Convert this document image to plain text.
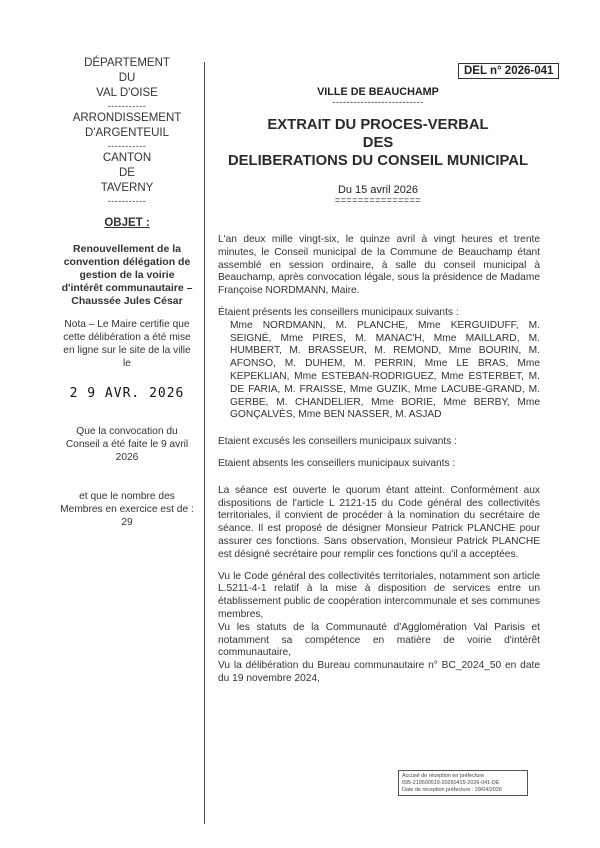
DÉPARTEMENT
DU
VAL D'OISE
-----------
ARRONDISSEMENT
D'ARGENTEUIL
-----------
CANTON
DE
TAVERNY
-----------
OBJET :
Renouvellement de la convention délégation de gestion de la voirie d'intérêt communautaire – Chaussée Jules César
Nota – Le Maire certifie que cette délibération a été mise en ligne sur le site de la ville le
2 9 AVR. 2026
Que la convocation du Conseil a été faite le 9 avril 2026
et que le nombre des Membres en exercice est de : 29
DEL n° 2026-041
VILLE DE BEAUCHAMP
--------------------------
EXTRAIT DU PROCES-VERBAL
DES
DELIBERATIONS DU CONSEIL MUNICIPAL
Du 15 avril 2026
===============

L'an deux mille vingt-six, le quinze avril à vingt heures et trente minutes, le Conseil municipal de la Commune de Beauchamp étant assemblé en session ordinaire, à salle du conseil municipal à Beauchamp, après convocation légale, sous la présidence de Madame Françoise NORDMANN, Maire.

Étaient présents les conseillers municipaux suivants :

Mme NORDMANN, M. PLANCHE, Mme KERGUIDUFF, M. SEIGNÉ, Mme PIRES, M. MANAC'H, Mme MAILLARD, M. HUMBERT, M. BRASSEUR, M. REMOND, Mme BOURIN, M. AFONSO, M. DUHEM, M. PERRIN, Mme LE BRAS, Mme KEPEKLIAN, Mme ESTEBAN-RODRIGUEZ, Mme ESTERBET, M. DE FARIA, M. FRAISSE, Mme GUZIK, Mme LACUBE-GRAND, M. GERBE, M. CHANDELIER, Mme BORIE, Mme BERBY, Mme GONÇALVÈS, Mme BEN NASSER, M. ASJAD

Etaient excusés les conseillers municipaux suivants :

Etaient absents les conseillers municipaux suivants :

La séance est ouverte le quorum étant atteint. Conformément aux dispositions de l'article L 2121-15 du Code général des collectivités territoriales, il convient de procéder à la nomination du secrétaire de séance. Il est proposé de désigner Monsieur Patrick PLANCHE pour assurer ces fonctions. Sans observation, Monsieur Patrick PLANCHE est désigné secrétaire pour remplir ces fonctions qu'il a acceptées.

Vu le Code général des collectivités territoriales, notamment son article L.5211-4-1 relatif à la mise à disposition de services entre un établissement public de coopération intercommunale et ses communes membres,

Vu les statuts de la Communauté d'Agglomération Val Parisis et notamment sa compétence en matière de voirie d'intérêt communautaire,

Vu la délibération du Bureau communautaire n° BC_2024_50 en date du 19 novembre 2024,

Accusé de réception en préfecture
095-219500519-20260415-2026-041-DE
Date de réception préfecture : 29/04/2026
